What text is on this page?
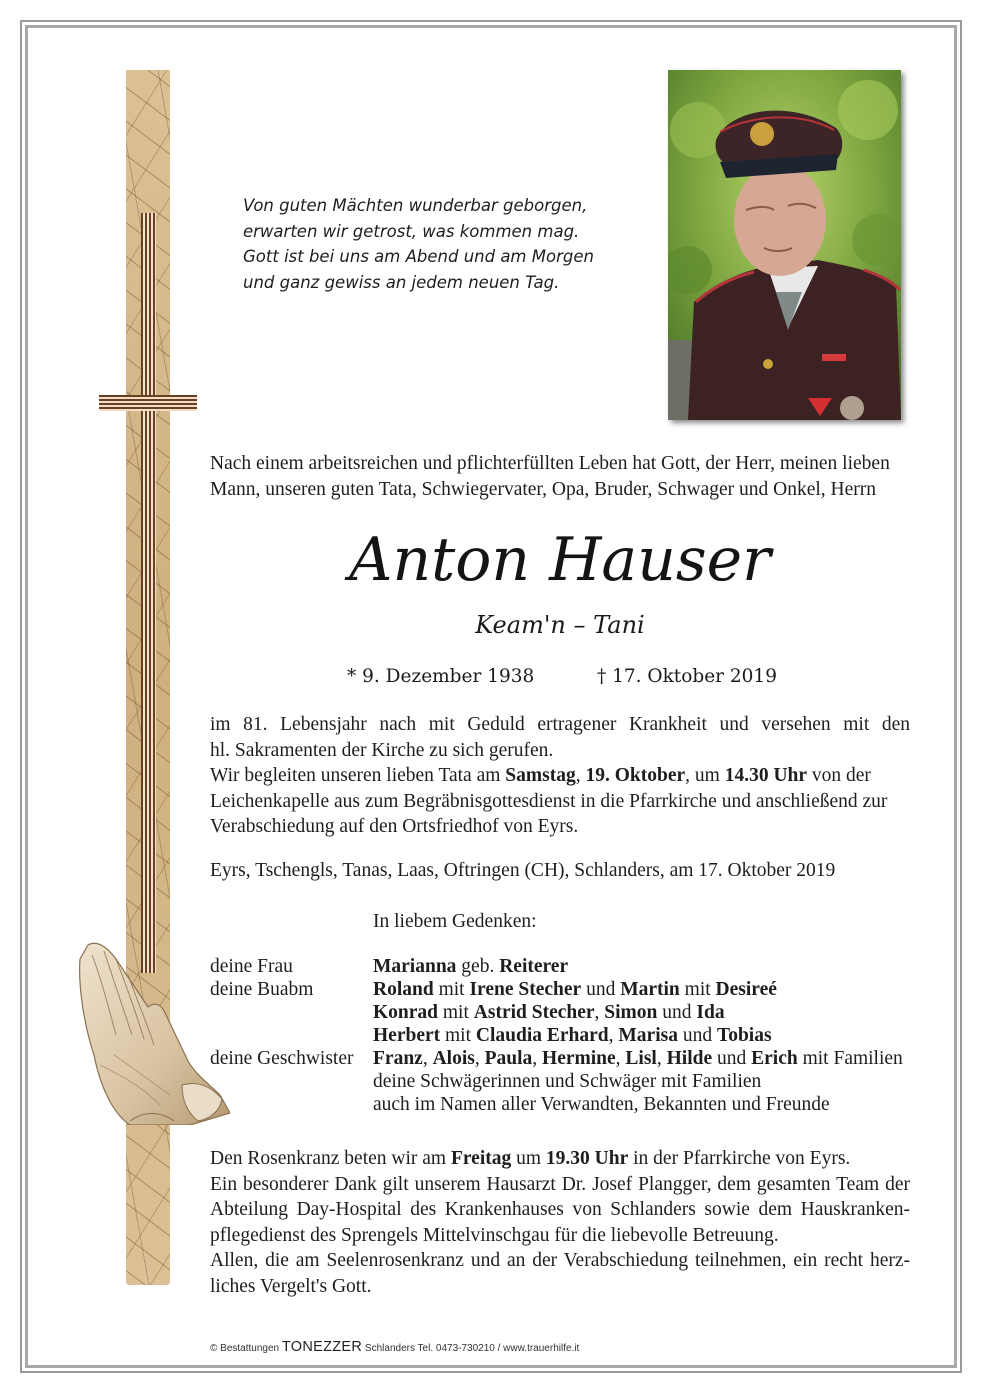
Von guten Mächten wunderbar geborgen,
erwarten wir getrost, was kommen mag.
Gott ist bei uns am Abend und am Morgen
und ganz gewiss an jedem neuen Tag.
Nach einem arbeitsreichen und pflichterfüllten Leben hat Gott, der Herr, meinen lieben
Mann, unseren guten Tata, Schwiegervater, Opa, Bruder, Schwager und Onkel, Herrn
Anton Hauser
Keam'n – Tani
* 9. Dezember 1938	† 17. Oktober 2019
im 81. Lebensjahr nach mit Geduld ertragener Krankheit und versehen mit den
hl. Sakramenten der Kirche zu sich gerufen.
Wir begleiten unseren lieben Tata am Samstag, 19. Oktober, um 14.30 Uhr von der
Leichenkapelle aus zum Begräbnisgottesdienst in die Pfarrkirche und anschließend zur
Verabschiedung auf den Ortsfriedhof von Eyrs.
Eyrs, Tschengls, Tanas, Laas, Oftringen (CH), Schlanders, am 17. Oktober 2019
In liebem Gedenken:
deine Frau	Marianna geb. Reiterer
deine Buabm	Roland mit Irene Stecher und Martin mit Desireé
Konrad mit Astrid Stecher, Simon und Ida
Herbert mit Claudia Erhard, Marisa und Tobias
deine Geschwister	Franz, Alois, Paula, Hermine, Lisl, Hilde und Erich mit Familien
deine Schwägerinnen und Schwäger mit Familien
auch im Namen aller Verwandten, Bekannten und Freunde
Den Rosenkranz beten wir am Freitag um 19.30 Uhr in der Pfarrkirche von Eyrs.
Ein besonderer Dank gilt unserem Hausarzt Dr. Josef Plangger, dem gesamten Team der
Abteilung Day-Hospital des Krankenhauses von Schlanders sowie dem Hauskranken-
pflegedienst des Sprengels Mittelvinschgau für die liebevolle Betreuung.
Allen, die am Seelenrosenkranz und an der Verabschiedung teilnehmen, ein recht herz-
liches Vergelt's Gott.
© Bestattungen TONEZZER Schlanders Tel. 0473-730210 / www.trauerhilfe.it
